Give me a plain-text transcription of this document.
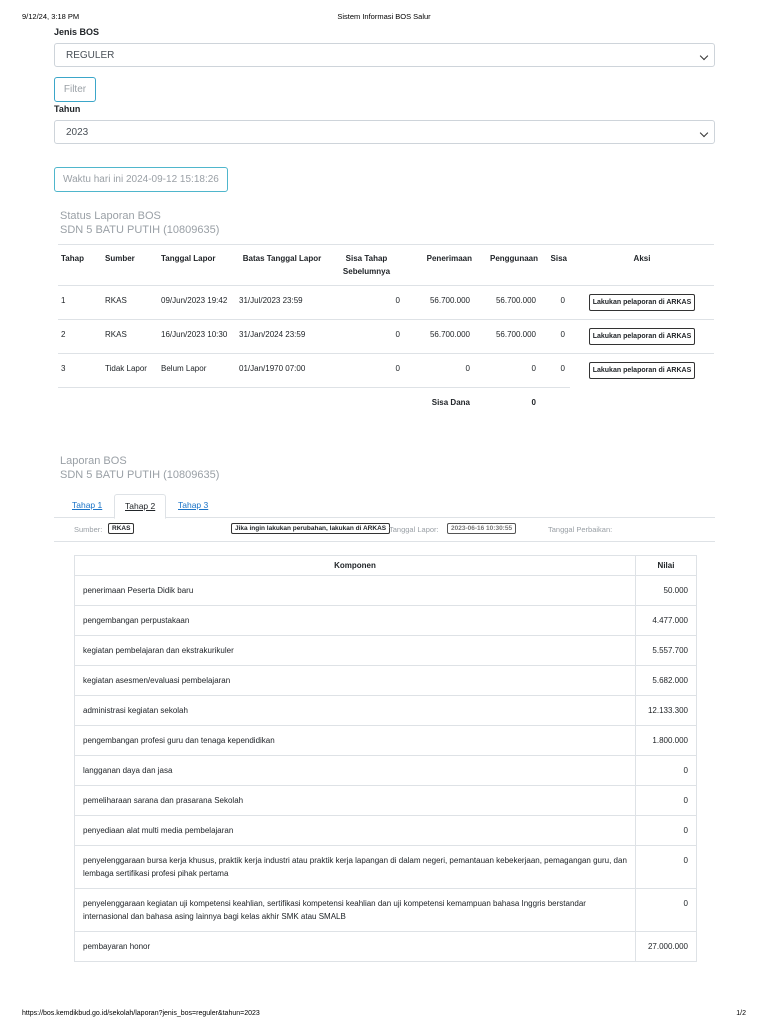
9/12/24, 3:18 PM	Sistem Informasi BOS Salur
Jenis BOS
REGULER
Filter
Tahun
2023
Waktu hari ini 2024-09-12 15:18:26
Status Laporan BOS
SDN 5 BATU PUTIH (10809635)
Tahap	Sumber	Tanggal Lapor	Batas Tanggal Lapor	Sisa Tahap Sebelumnya	Penerimaan	Penggunaan	Sisa	Aksi
1	RKAS	09/Jun/2023 19:42	31/Jul/2023 23:59	0	56.700.000	56.700.000	0	Lakukan pelaporan di ARKAS
2	RKAS	16/Jun/2023 10:30	31/Jan/2024 23:59	0	56.700.000	56.700.000	0	Lakukan pelaporan di ARKAS
3	Tidak Lapor	Belum Lapor	01/Jan/1970 07:00	0	0	0	0	Lakukan pelaporan di ARKAS
					Sisa Dana	0		
Laporan BOS
SDN 5 BATU PUTIH (10809635)
Tahap 1	Tahap 2	Tahap 3
Sumber:	RKAS	Jika ingin lakukan perubahan, lakukan di ARKAS Tanggal Lapor:	2023-06-16 10:30:55	Tanggal Perbaikan:
Komponen	Nilai
penerimaan Peserta Didik baru	50.000
pengembangan perpustakaan	4.477.000
kegiatan pembelajaran dan ekstrakurikuler	5.557.700
kegiatan asesmen/evaluasi pembelajaran	5.682.000
administrasi kegiatan sekolah	12.133.300
pengembangan profesi guru dan tenaga kependidikan	1.800.000
langganan daya dan jasa	0
pemeliharaan sarana dan prasarana Sekolah	0
penyediaan alat multi media pembelajaran	0
penyelenggaraan bursa kerja khusus, praktik kerja industri atau praktik kerja lapangan di dalam negeri, pemantauan kebekerjaan, pemagangan guru, dan lembaga sertifikasi profesi pihak pertama	0
penyelenggaraan kegiatan uji kompetensi keahlian, sertifikasi kompetensi keahlian dan uji kompetensi kemampuan bahasa Inggris berstandar internasional dan bahasa asing lainnya bagi kelas akhir SMK atau SMALB	0
pembayaran honor	27.000.000
https://bos.kemdikbud.go.id/sekolah/laporan?jenis_bos=reguler&tahun=2023	1/2
